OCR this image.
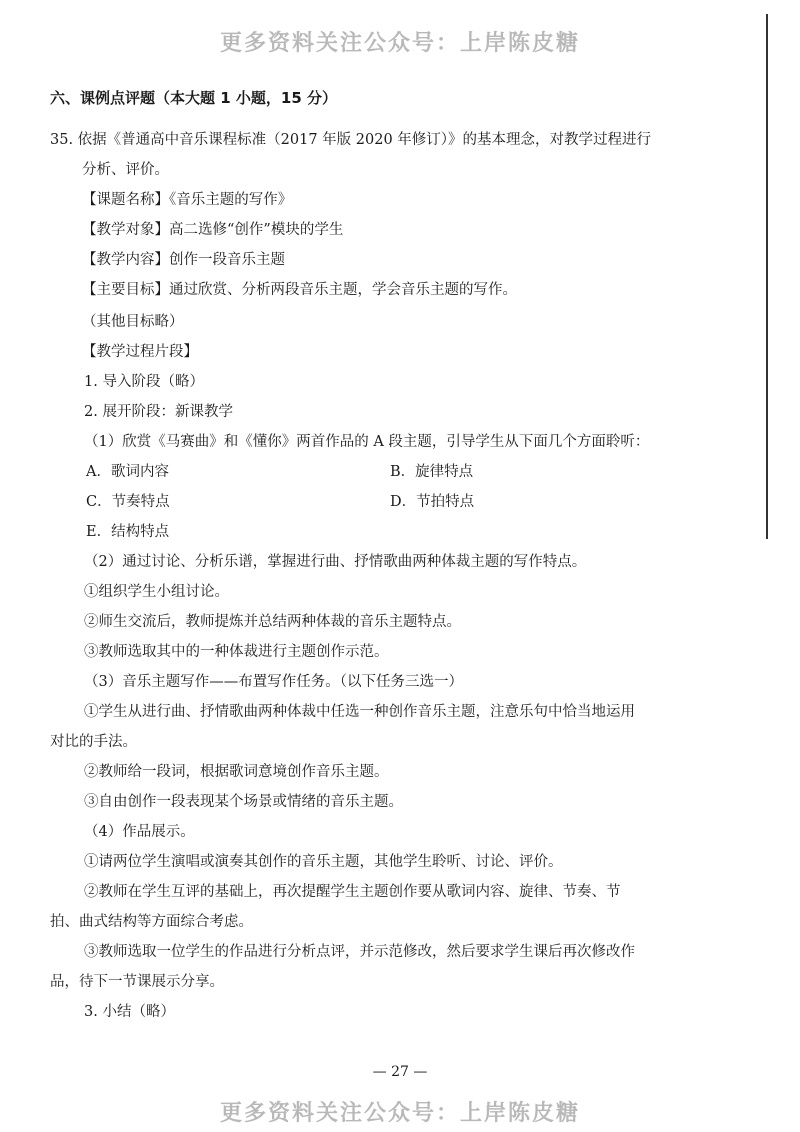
更多资料关注公众号：上岸陈皮糖
六、课例点评题（本大题 1 小题，15 分）
35. 依据《普通高中音乐课程标准（2017 年版 2020 年修订）》的基本理念，对教学过程进行
分析、评价。
【课题名称】《音乐主题的写作》
【教学对象】高二选修“创作”模块的学生
【教学内容】创作一段音乐主题
【主要目标】通过欣赏、分析两段音乐主题，学会音乐主题的写作。
（其他目标略）
【教学过程片段】
1. 导入阶段（略）
2. 展开阶段：新课教学
（1）欣赏《马赛曲》和《懂你》两首作品的 A 段主题，引导学生从下面几个方面聆听：
A．歌词内容	B．旋律特点
C．节奏特点	D．节拍特点
E．结构特点
（2）通过讨论、分析乐谱，掌握进行曲、抒情歌曲两种体裁主题的写作特点。
①组织学生小组讨论。
②师生交流后，教师提炼并总结两种体裁的音乐主题特点。
③教师选取其中的一种体裁进行主题创作示范。
（3）音乐主题写作——布置写作任务。（以下任务三选一）
①学生从进行曲、抒情歌曲两种体裁中任选一种创作音乐主题，注意乐句中恰当地运用
对比的手法。
②教师给一段词，根据歌词意境创作音乐主题。
③自由创作一段表现某个场景或情绪的音乐主题。
（4）作品展示。
①请两位学生演唱或演奏其创作的音乐主题，其他学生聆听、讨论、评价。
②教师在学生互评的基础上，再次提醒学生主题创作要从歌词内容、旋律、节奏、节
拍、曲式结构等方面综合考虑。
③教师选取一位学生的作品进行分析点评，并示范修改，然后要求学生课后再次修改作
品，待下一节课展示分享。
3. 小结（略）
— 27 —
更多资料关注公众号：上岸陈皮糖
